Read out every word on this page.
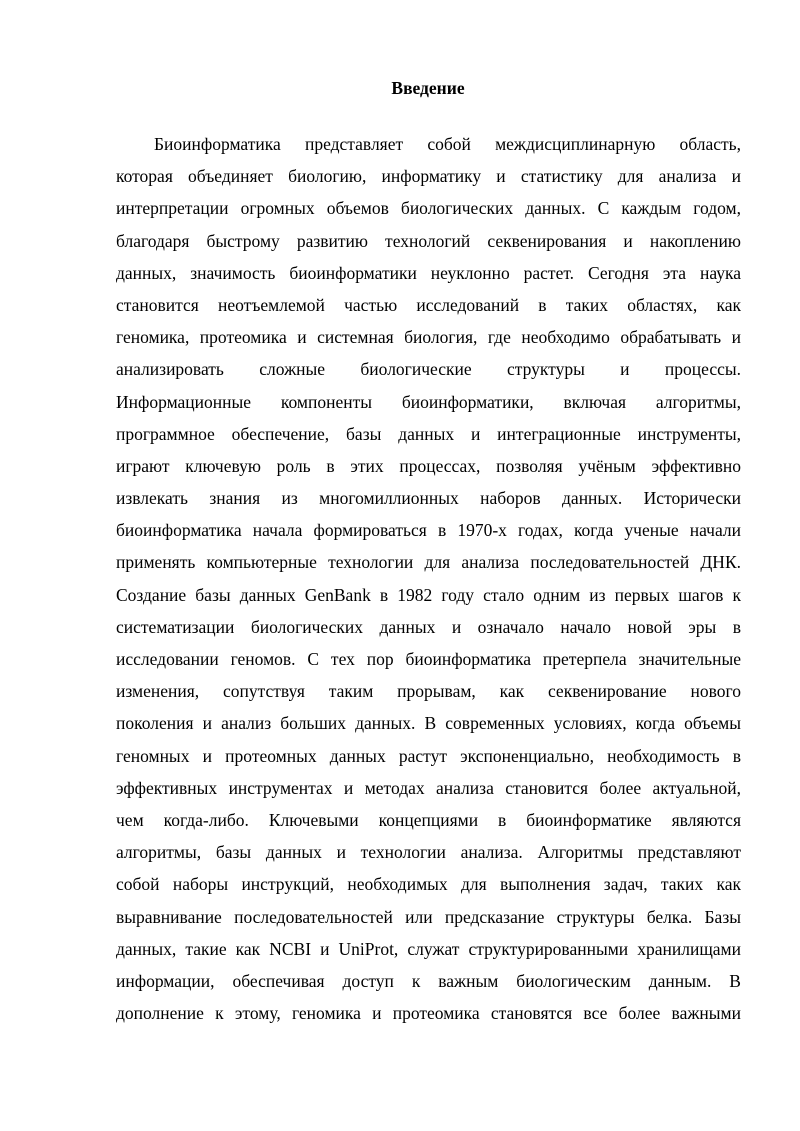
Введение
Биоинформатика представляет собой междисциплинарную область,
которая объединяет биологию, информатику и статистику для анализа и
интерпретации огромных объемов биологических данных. С каждым годом,
благодаря быстрому развитию технологий секвенирования и накоплению
данных, значимость биоинформатики неуклонно растет. Сегодня эта наука
становится неотъемлемой частью исследований в таких областях, как
геномика, протеомика и системная биология, где необходимо обрабатывать и
анализировать сложные биологические структуры и процессы.
Информационные компоненты биоинформатики, включая алгоритмы,
программное обеспечение, базы данных и интеграционные инструменты,
играют ключевую роль в этих процессах, позволяя учёным эффективно
извлекать знания из многомиллионных наборов данных. Исторически
биоинформатика начала формироваться в 1970-х годах, когда ученые начали
применять компьютерные технологии для анализа последовательностей ДНК.
Создание базы данных GenBank в 1982 году стало одним из первых шагов к
систематизации биологических данных и означало начало новой эры в
исследовании геномов. С тех пор биоинформатика претерпела значительные
изменения, сопутствуя таким прорывам, как секвенирование нового
поколения и анализ больших данных. В современных условиях, когда объемы
геномных и протеомных данных растут экспоненциально, необходимость в
эффективных инструментах и методах анализа становится более актуальной,
чем когда-либо. Ключевыми концепциями в биоинформатике являются
алгоритмы, базы данных и технологии анализа. Алгоритмы представляют
собой наборы инструкций, необходимых для выполнения задач, таких как
выравнивание последовательностей или предсказание структуры белка. Базы
данных, такие как NCBI и UniProt, служат структурированными хранилищами
информации, обеспечивая доступ к важным биологическим данным. В
дополнение к этому, геномика и протеомика становятся все более важными
